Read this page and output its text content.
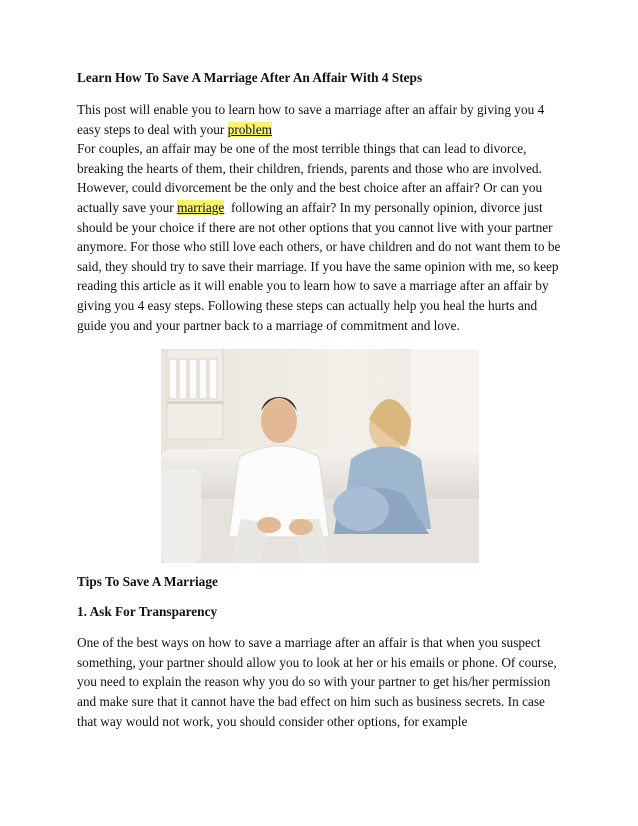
Learn How To Save A Marriage After An Affair With 4 Steps

This post will enable you to learn how to save a marriage after an affair by giving you 4 easy steps to deal with your problem

For couples, an affair may be one of the most terrible things that can lead to divorce, breaking the hearts of them, their children, friends, parents and those who are involved. However, could divorcement be the only and the best choice after an affair? Or can you actually save your marriage  following an affair? In my personally opinion, divorce just should be your choice if there are not other options that you cannot live with your partner anymore. For those who still love each others, or have children and do not want them to be said, they should try to save their marriage. If you have the same opinion with me, so keep reading this article as it will enable you to learn how to save a marriage after an affair by giving you 4 easy steps. Following these steps can actually help you heal the hurts and guide you and your partner back to a marriage of commitment and love.

Tips To Save A Marriage
1. Ask For Transparency

One of the best ways on how to save a marriage after an affair is that when you suspect something, your partner should allow you to look at her or his emails or phone. Of course, you need to explain the reason why you do so with your partner to get his/her permission and make sure that it cannot have the bad effect on him such as business secrets. In case that way would not work, you should consider other options, for example
